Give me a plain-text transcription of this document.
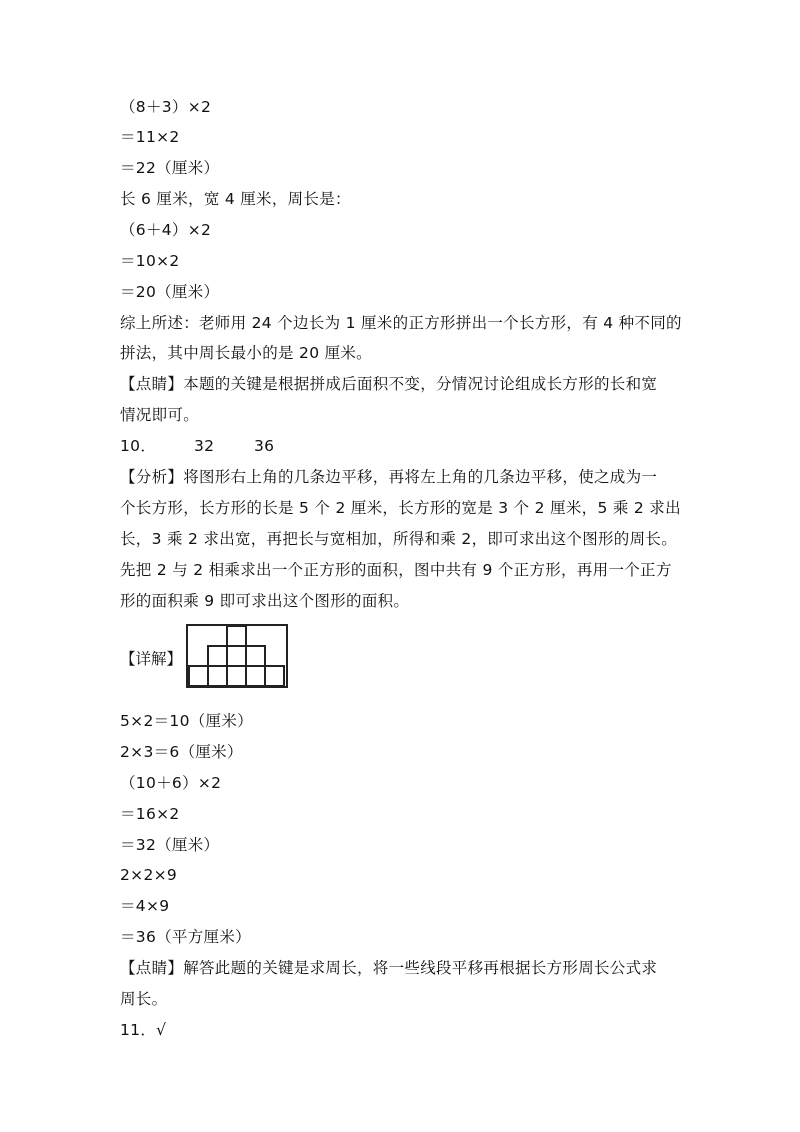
（8＋3）×2
＝11×2
＝22（厘米）
长 6 厘米，宽 4 厘米，周长是：
（6＋4）×2
＝10×2
＝20（厘米）
综上所述：老师用 24 个边长为 1 厘米的正方形拼出一个长方形，有 4 种不同的
拼法，其中周长最小的是 20 厘米。
【点睛】本题的关键是根据拼成后面积不变，分情况讨论组成长方形的长和宽
情况即可。
10． 32	36
【分析】将图形右上角的几条边平移，再将左上角的几条边平移，使之成为一
个长方形，长方形的长是 5 个 2 厘米，长方形的宽是 3 个 2 厘米，5 乘 2 求出
长，3 乘 2 求出宽，再把长与宽相加，所得和乘 2，即可求出这个图形的周长。
先把 2 与 2 相乘求出一个正方形的面积，图中共有 9 个正方形，再用一个正方
形的面积乘 9 即可求出这个图形的面积。
【详解】
5×2＝10（厘米）
2×3＝6（厘米）
（10＋6）×2
＝16×2
＝32（厘米）
2×2×9
＝4×9
＝36（平方厘米）
【点睛】解答此题的关键是求周长，将一些线段平移再根据长方形周长公式求
周长。
11．√
